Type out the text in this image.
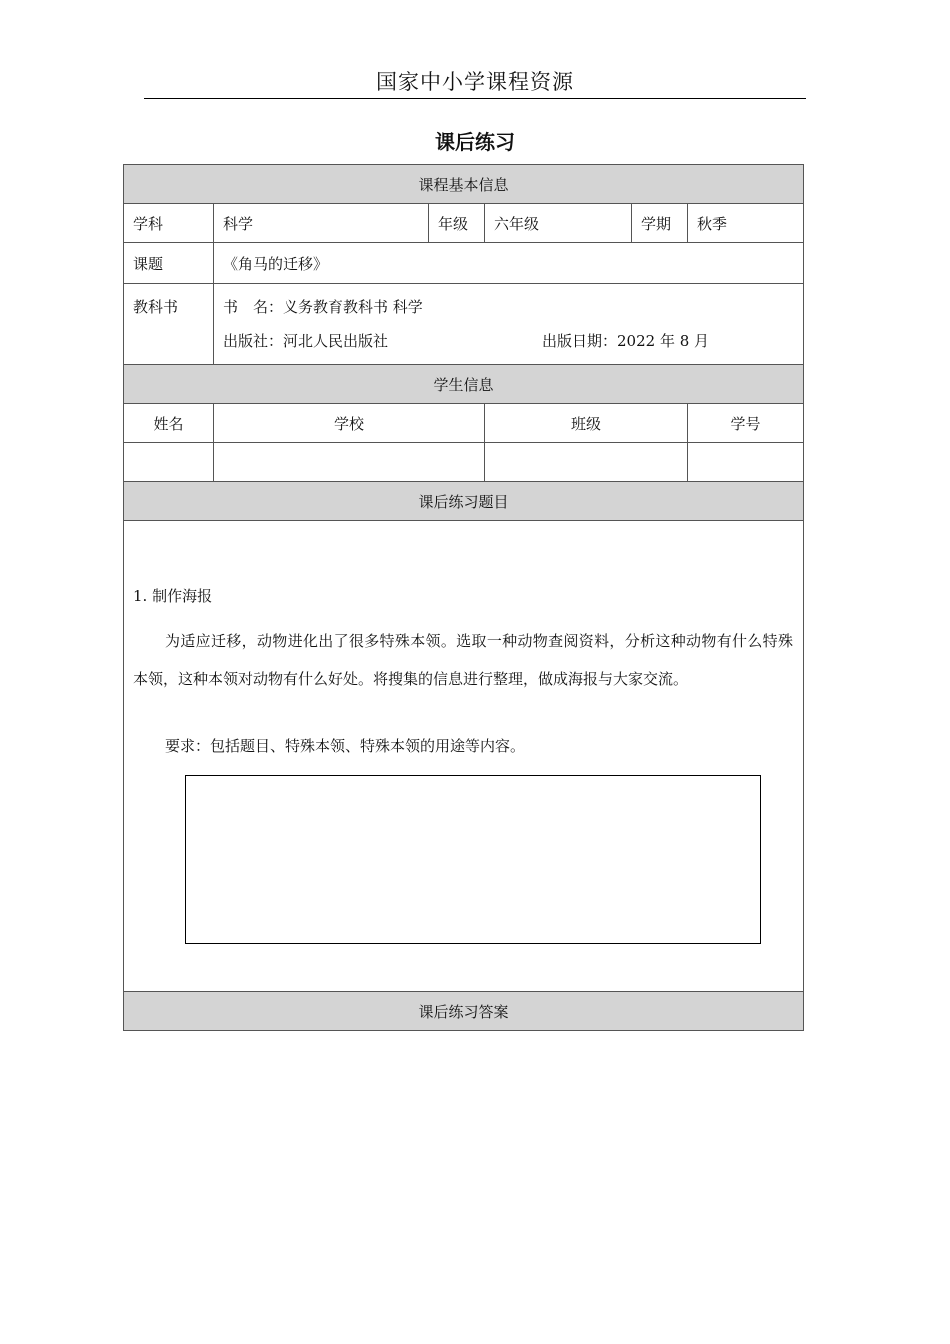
国家中小学课程资源
课后练习
课程基本信息					
学科	科学	年级	六年级	学期	秋季
课题	《角马的迁移》				

教科书	书　名：义务教育教科书 科学
出版社：河北人民出版社 出版日期：2022 年 8 月				

学生信息					
姓名	学校		班级		学号

课后练习题目					

1. 制作海报
为适应迁移，动物进化出了很多特殊本领。选取一种动物查阅资料，分析这种动物有什么特殊本领，这种本领对动物有什么好处。将搜集的信息进行整理，做成海报与大家交流。
要求：包括题目、特殊本领、特殊本领的用途等内容。					

课后练习答案					
